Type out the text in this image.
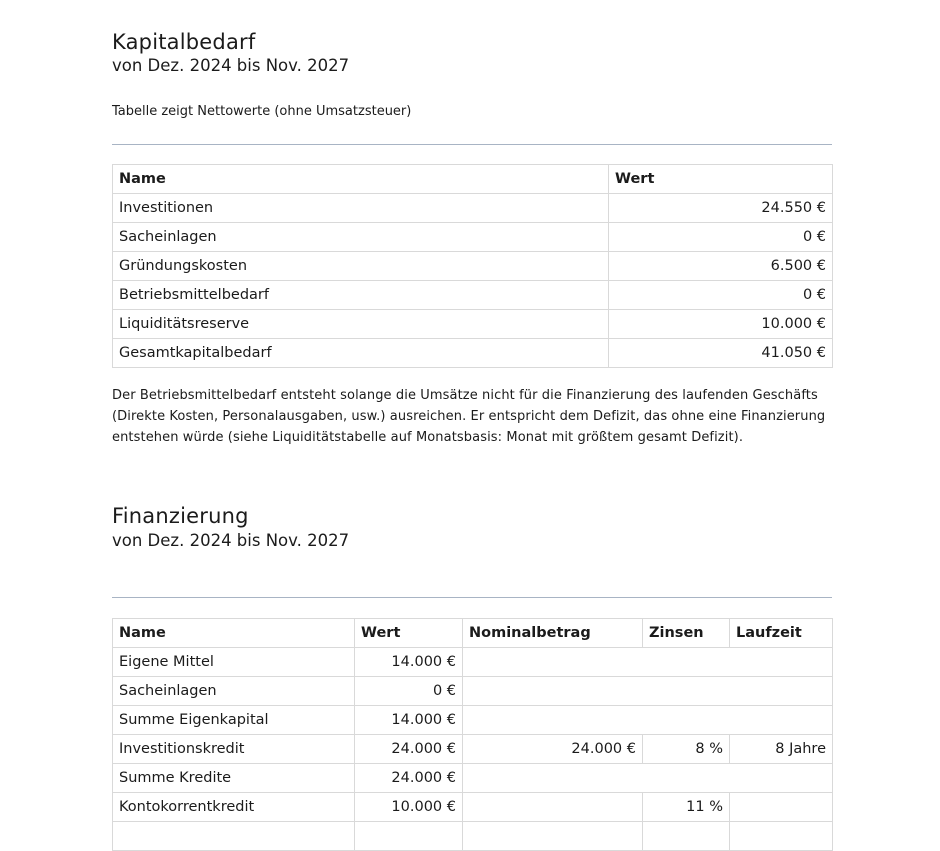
Kapitalbedarf
von Dez. 2024 bis Nov. 2027
Tabelle zeigt Nettowerte (ohne Umsatzsteuer)
Name	Wert
Investitionen	24.550 €
Sacheinlagen	0 €
Gründungskosten	6.500 €
Betriebsmittelbedarf	0 €
Liquiditätsreserve	10.000 €
Gesamtkapitalbedarf	41.050 €
Der Betriebsmittelbedarf entsteht solange die Umsätze nicht für die Finanzierung des laufenden Geschäfts (Direkte Kosten, Personalausgaben, usw.) ausreichen. Er entspricht dem Defizit, das ohne eine Finanzierung entstehen würde (siehe Liquiditätstabelle auf Monatsbasis: Monat mit größtem gesamt Defizit).
Finanzierung
von Dez. 2024 bis Nov. 2027
Name	Wert	Nominalbetrag	Zinsen	Laufzeit
Eigene Mittel	14.000 €			
Sacheinlagen	0 €			
Summe Eigenkapital	14.000 €			
Investitionskredit	24.000 €	24.000 €	8 %	8 Jahre
Summe Kredite	24.000 €			
Kontokorrentkredit	10.000 €		11 %	
